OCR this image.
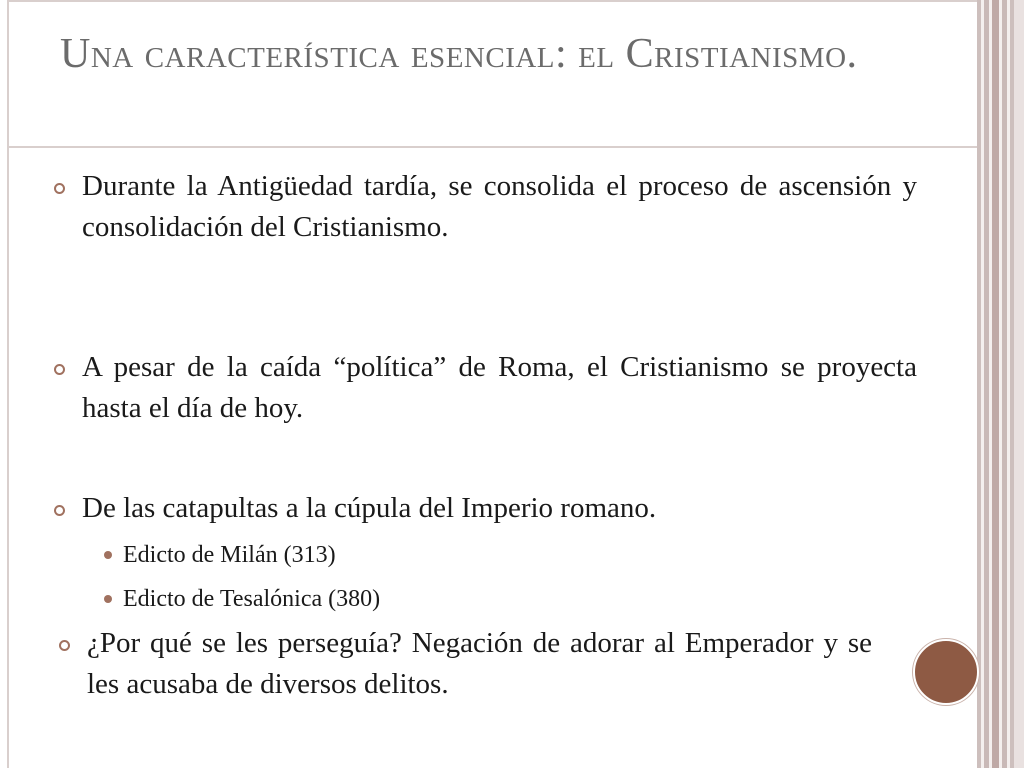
Una característica esencial: el Cristianismo.
Durante la Antigüedad tardía, se consolida el proceso de ascensión y consolidación del Cristianismo.
A pesar de la caída “política” de Roma, el Cristianismo se proyecta hasta el día de hoy.
De las catapultas a la cúpula del Imperio romano.
Edicto de Milán (313)
Edicto de Tesalónica (380)
¿Por qué se les perseguía? Negación de adorar al Emperador y se les acusaba de diversos delitos.
